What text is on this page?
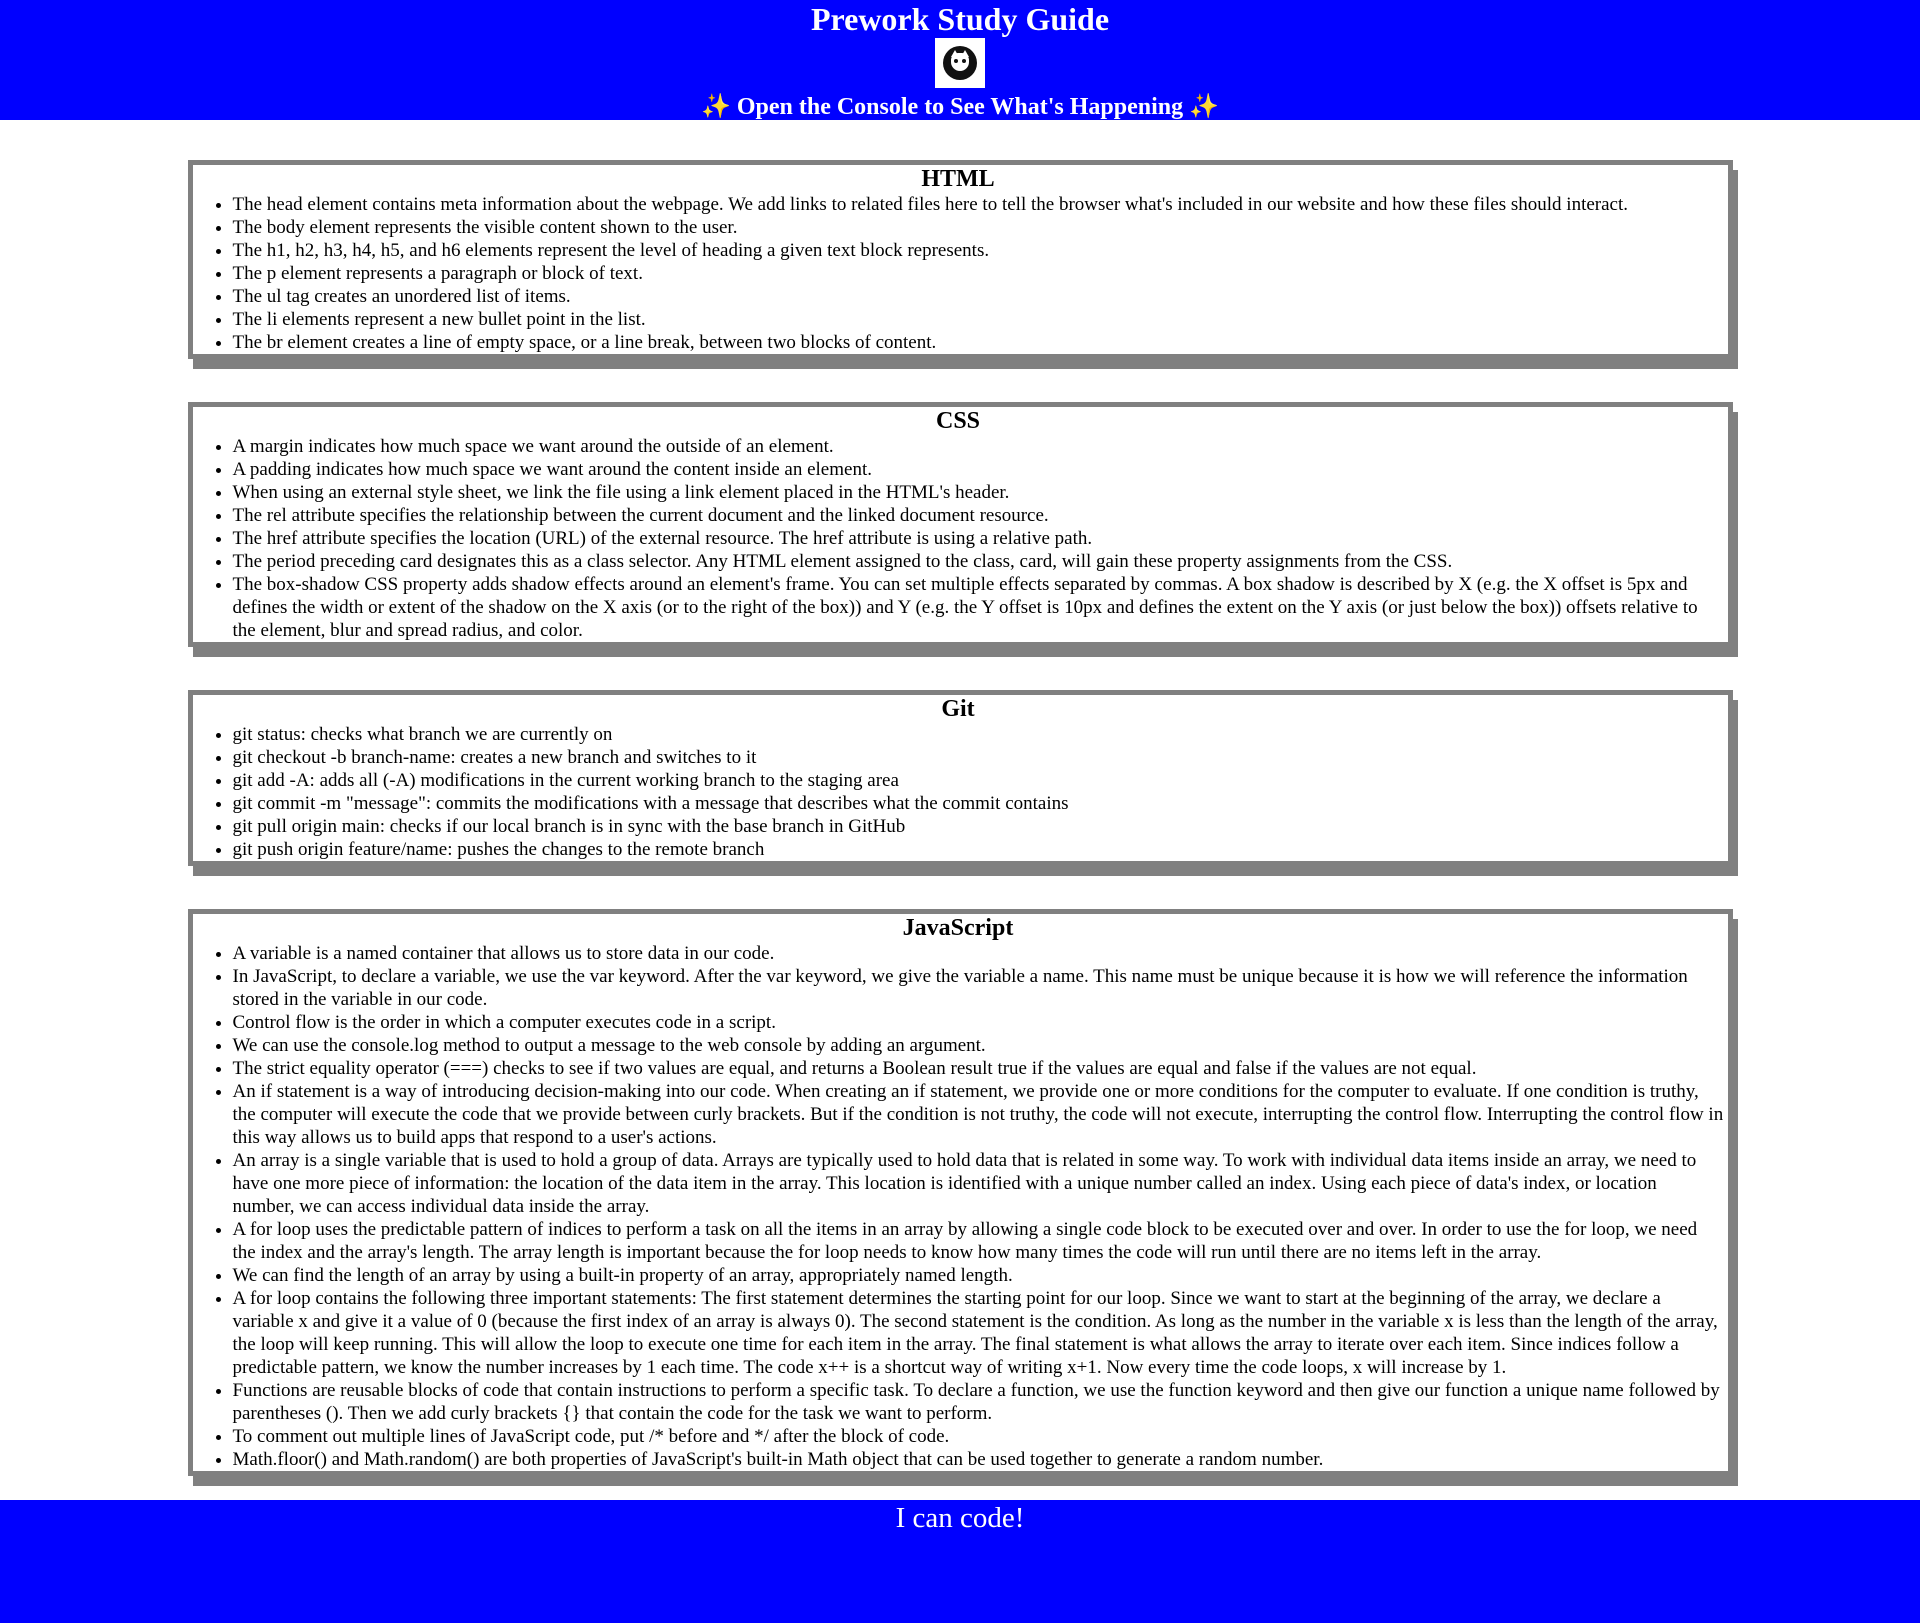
Prework Study Guide
✨ Open the Console to See What's Happening ✨
HTML
• The head element contains meta information about the webpage. We add links to related files here to tell the browser what's included in our website and how these files should interact.
• The body element represents the visible content shown to the user.
• The h1, h2, h3, h4, h5, and h6 elements represent the level of heading a given text block represents.
• The p element represents a paragraph or block of text.
• The ul tag creates an unordered list of items.
• The li elements represent a new bullet point in the list.
• The br element creates a line of empty space, or a line break, between two blocks of content.
CSS
• A margin indicates how much space we want around the outside of an element.
• A padding indicates how much space we want around the content inside an element.
• When using an external style sheet, we link the file using a link element placed in the HTML's header.
• The rel attribute specifies the relationship between the current document and the linked document resource.
• The href attribute specifies the location (URL) of the external resource. The href attribute is using a relative path.
• The period preceding card designates this as a class selector. Any HTML element assigned to the class, card, will gain these property assignments from the CSS.
• The box-shadow CSS property adds shadow effects around an element's frame. You can set multiple effects separated by commas. A box shadow is described by X (e.g. the X offset is 5px and defines the width or extent of the shadow on the X axis (or to the right of the box)) and Y (e.g. the Y offset is 10px and defines the extent on the Y axis (or just below the box)) offsets relative to the element, blur and spread radius, and color.
Git
• git status: checks what branch we are currently on
• git checkout -b branch-name: creates a new branch and switches to it
• git add -A: adds all (-A) modifications in the current working branch to the staging area
• git commit -m "message": commits the modifications with a message that describes what the commit contains
• git pull origin main: checks if our local branch is in sync with the base branch in GitHub
• git push origin feature/name: pushes the changes to the remote branch
JavaScript
• A variable is a named container that allows us to store data in our code.
• In JavaScript, to declare a variable, we use the var keyword. After the var keyword, we give the variable a name. This name must be unique because it is how we will reference the information stored in the variable in our code.
• Control flow is the order in which a computer executes code in a script.
• We can use the console.log method to output a message to the web console by adding an argument.
• The strict equality operator (===) checks to see if two values are equal, and returns a Boolean result true if the values are equal and false if the values are not equal.
• An if statement is a way of introducing decision-making into our code. When creating an if statement, we provide one or more conditions for the computer to evaluate. If one condition is truthy, the computer will execute the code that we provide between curly brackets. But if the condition is not truthy, the code will not execute, interrupting the control flow. Interrupting the control flow in this way allows us to build apps that respond to a user's actions.
• An array is a single variable that is used to hold a group of data. Arrays are typically used to hold data that is related in some way. To work with individual data items inside an array, we need to have one more piece of information: the location of the data item in the array. This location is identified with a unique number called an index. Using each piece of data's index, or location number, we can access individual data inside the array.
• A for loop uses the predictable pattern of indices to perform a task on all the items in an array by allowing a single code block to be executed over and over. In order to use the for loop, we need the index and the array's length. The array length is important because the for loop needs to know how many times the code will run until there are no items left in the array.
• We can find the length of an array by using a built-in property of an array, appropriately named length.
• A for loop contains the following three important statements: The first statement determines the starting point for our loop. Since we want to start at the beginning of the array, we declare a variable x and give it a value of 0 (because the first index of an array is always 0). The second statement is the condition. As long as the number in the variable x is less than the length of the array, the loop will keep running. This will allow the loop to execute one time for each item in the array. The final statement is what allows the array to iterate over each item. Since indices follow a predictable pattern, we know the number increases by 1 each time. The code x++ is a shortcut way of writing x+1. Now every time the code loops, x will increase by 1.
• Functions are reusable blocks of code that contain instructions to perform a specific task. To declare a function, we use the function keyword and then give our function a unique name followed by parentheses (). Then we add curly brackets {} that contain the code for the task we want to perform.
• To comment out multiple lines of JavaScript code, put /* before and */ after the block of code.
• Math.floor() and Math.random() are both properties of JavaScript's built-in Math object that can be used together to generate a random number.
I can code!
